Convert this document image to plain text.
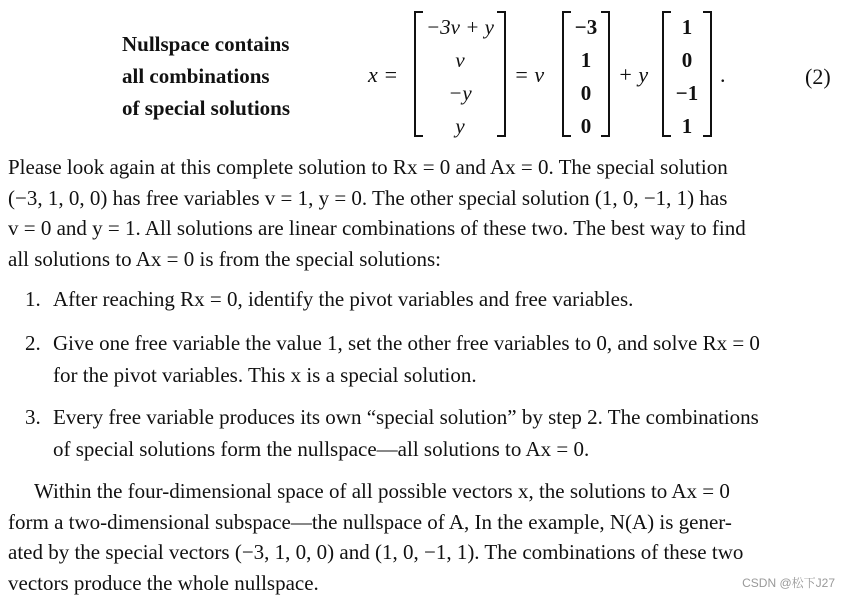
Nullspace contains
all combinations
of special solutions
x =
−3v + y
v
−y
y
= v
−3
1
0
0
+ y
1
0
−1
1
.	(2)
Please look again at this complete solution to Rx = 0 and Ax = 0. The special solution
(−3, 1, 0, 0) has free variables v = 1, y = 0. The other special solution (1, 0, −1, 1) has
v = 0 and y = 1. All solutions are linear combinations of these two. The best way to find
all solutions to Ax = 0 is from the special solutions:
1. After reaching Rx = 0, identify the pivot variables and free variables.
2. Give one free variable the value 1, set the other free variables to 0, and solve Rx = 0
for the pivot variables. This x is a special solution.
3. Every free variable produces its own “special solution” by step 2. The combinations
of special solutions form the nullspace—all solutions to Ax = 0.
Within the four-dimensional space of all possible vectors x, the solutions to Ax = 0
form a two-dimensional subspace—the nullspace of A, In the example, N(A) is gener-
ated by the special vectors (−3, 1, 0, 0) and (1, 0, −1, 1). The combinations of these two
vectors produce the whole nullspace.	CSDN @松下J27
